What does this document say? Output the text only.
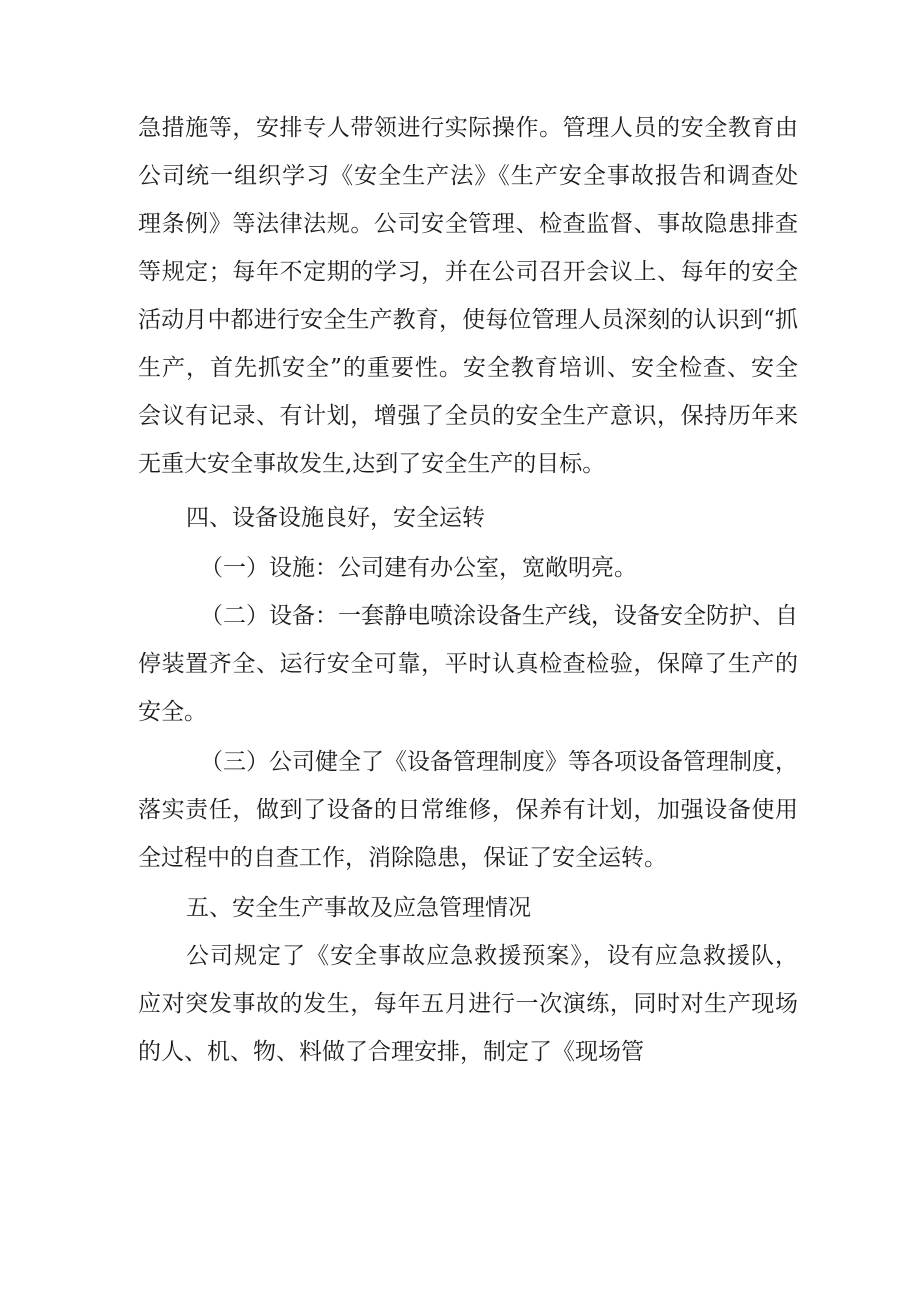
急措施等，安排专人带领进行实际操作。管理人员的安全教育由
公司统一组织学习《安全生产法》《生产安全事故报告和调查处
理条例》等法律法规。公司安全管理、检查监督、事故隐患排查
等规定；每年不定期的学习，并在公司召开会议上、每年的安全
活动月中都进行安全生产教育，使每位管理人员深刻的认识到“抓
生产，首先抓安全”的重要性。安全教育培训、安全检查、安全
会议有记录、有计划，增强了全员的安全生产意识，保持历年来
无重大安全事故发生,达到了安全生产的目标。
四、设备设施良好，安全运转
（一）设施：公司建有办公室，宽敞明亮。
（二）设备：一套静电喷涂设备生产线，设备安全防护、自
停装置齐全、运行安全可靠，平时认真检查检验，保障了生产的
安全。
（三）公司健全了《设备管理制度》等各项设备管理制度，
落实责任，做到了设备的日常维修，保养有计划，加强设备使用
全过程中的自查工作，消除隐患，保证了安全运转。
五、安全生产事故及应急管理情况
公司规定了《安全事故应急救援预案》，设有应急救援队，
应对突发事故的发生，每年五月进行一次演练，同时对生产现场
的人、机、物、料做了合理安排，制定了《现场管
